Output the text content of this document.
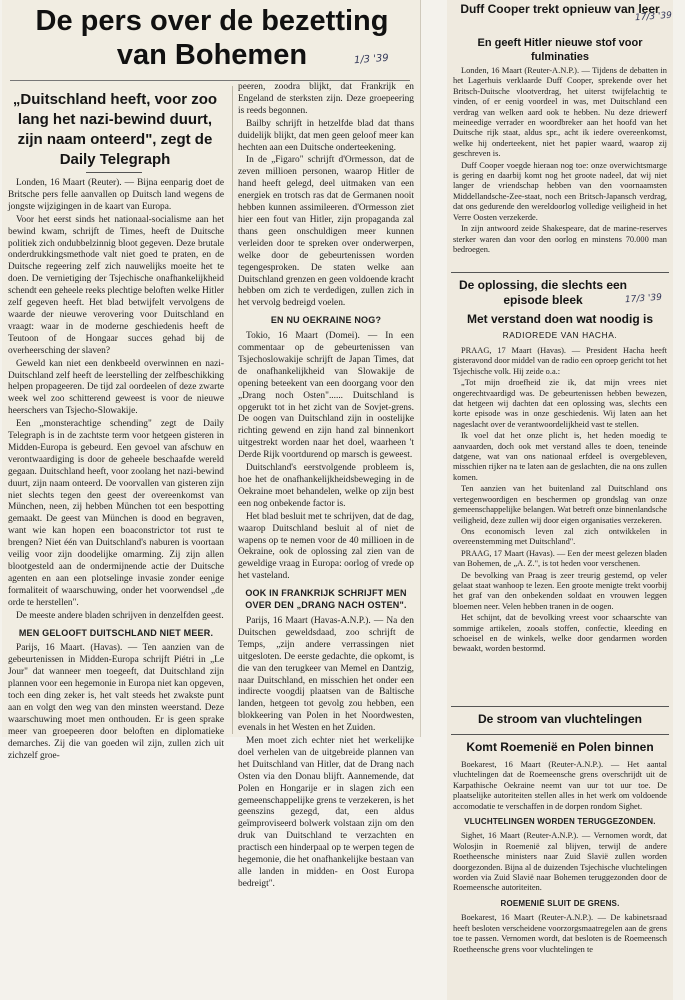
De pers over de bezetting van Bohemen	1/3 '39
„Duitschland heeft, voor zoo lang het nazi-bewind duurt, zijn naam onteerd", zegt de Daily Telegraph

Londen, 16 Maart (Reuter). — Bijna eenparig doet de Britsche pers felle aanvallen op Duitsch land wegens de jongste wijzigingen in de kaart van Europa.

Voor het eerst sinds het nationaal-socialisme aan het bewind kwam, schrijft de Times, heeft de Duitsche politiek zich ondubbelzinnig bloot gegeven. Deze brutale onderdrukkingsmethode valt niet goed te praten, en de Duitsche regeering zelf zich nauwelijks moeite het te doen. De vernietiging der Tsjechische onafhankelijkheid schendt een geheele reeks plechtige beloften welke Hitler zelf gegeven heeft. Het blad betwijfelt vervolgens de waarde der nieuwe verovering voor Duitschland en vraagt: waar in de moderne geschiedenis heeft de Teutoon of de Hongaar succes gehad bij de overheersching der slaven?

Geweld kan niet een denkbeeld overwinnen en nazi-Duitschland zelf heeft de leerstelling der zelfbeschikking helpen propageeren. De tijd zal oordeelen of deze zwarte week wel zoo schitterend geweest is voor de nieuwe heerschers van Tsjecho-Slowakije.

Een „monsterachtige schending" zegt de Daily Telegraph is in de zachtste term voor hetgeen gisteren in Midden-Europa is gebeurd. Een gevoel van afschuw en verontwaardiging is door de geheele beschaafde wereld gegaan. Duitschland heeft, voor zoolang het nazi-bewind duurt, zijn naam onteerd. De voorvallen van gisteren zijn niet slechts tegen den geest der overeenkomst van München, neen, zij hebben München tot een bespotting gemaakt. De geest van München is dood en begraven, want wie kan hopen een boaconstrictor tot rust te brengen? Niet één van Duitschland's naburen is voortaan veilig voor zijn doodelijke omarming. Zij zijn allen blootgesteld aan de ondermijnende actie der Duitsche agenten en aan een plotselinge invasie zonder eenige formaliteit of waarschuwing, onder het voorwendsel „de orde te herstellen".

De meeste andere bladen schrijven in denzelfden geest.

MEN GELOOFT DUITSCHLAND NIET MEER.

Parijs, 16 Maart. (Havas). — Ten aanzien van de gebeurtenissen in Midden-Europa schrijft Piétri in „Le Jour" dat wanneer men toegeeft, dat Duitschland zijn plannen voor een hegemonie in Europa niet kan opgeven, toch een ding zeker is, het valt steeds het zwakste punt aan en volgt den weg van den minsten weerstand. Deze waarschuwing moet men onthouden. Er is geen sprake meer van groepeeren door beloften en diplomatieke demarches. Zij die van goeden wil zijn, zullen zich uit zichzelf groe-

peeren, zoodra blijkt, dat Frankrijk en Engeland de sterksten zijn. Deze groepeering is reeds begonnen.

Bailby schrijft in hetzelfde blad dat thans duidelijk blijkt, dat men geen geloof meer kan hechten aan een Duitsche onderteekening.

In de „Figaro" schrijft d'Ormesson, dat de zeven millioen personen, waarop Hitler de hand heeft gelegd, deel uitmaken van een energiek en trotsch ras dat de Germanen nooit hebben kunnen assimileeren. d'Ormesson ziet hier een fout van Hitler, zijn propaganda zal thans geen onschuldigen meer kunnen verleiden door te spreken over onderwerpen, welke door de gebeurtenissen worden tegengesproken. De staten welke aan Duitschland grenzen en geen voldoende kracht hebben om zich te verdedigen, zullen zich in het vervolg bedreigd voelen.

EN NU OEKRAINE NOG?

Tokio, 16 Maart (Domei). — In een commentaar op de gebeurtenissen van Tsjechoslowakije schrijft de Japan Times, dat de onafhankelijkheid van Slowakije de opening beteekent van een doorgang voor den „Drang noch Osten"...... Duitschland is opgerukt tot in het zicht van de Sovjet-grens. De oogen van Duitschland zijn in oostelijke richting gewend en zijn hand zal binnenkort uitgestrekt worden naar het doel, waarheen 't Derde Rijk voortdurend op marsch is geweest.

Duitschland's eerstvolgende probleem is, hoe het de onafhankelijkheidsbeweging in de Oekraine moet behandelen, welke op zijn best een nog onbekende factor is.

Het blad besluit met te schrijven, dat de dag, waarop Duitschland besluit al of niet de wapens op te nemen voor de 40 millioen in de Oekraine, ook de oplossing zal zien van de geweldige vraag in Europa: oorlog of vrede op het vasteland.

OOK IN FRANKRIJK SCHRIJFT MEN OVER DEN „DRANG NACH OSTEN".

Parijs, 16 Maart (Havas-A.N.P.). — Na den Duitschen geweldsdaad, zoo schrijft de Temps, „zijn andere verrassingen niet uitgesloten. De eerste gedachte, die opkomt, is die van den terugkeer van Memel en Dantzig, naar Duitschland, en misschien het onder een indirecte voogdij plaatsen van de Baltische landen, hetgeen tot gevolg zou hebben, een blokkeering van Polen in het Noordwesten, evenals in het Westen en het Zuiden.

Men moet zich echter niet het werkelijke doel verhelen van de uitgebreide plannen van het Duitschland van Hitler, dat de Drang nach Osten via den Donau blijft. Aannemende, dat Polen en Hongarije er in slagen zich een gemeenschappelijke grens te verzekeren, is het geenszins gezegd, dat, een aldus geïmproviseerd bolwerk volstaan zijn om den druk van Duitschland te verzachten en practisch een hinderpaal op te werpen tegen de hegemonie, die het onafhankelijke bestaan van alle landen in midden- en Oost Europa bedreigt".

Duff Cooper trekt opnieuw van leer
17/3 '39
En geeft Hitler nieuwe stof voor fulminaties

Londen, 16 Maart (Reuter-A.N.P.). — Tijdens de debatten in het Lagerhuis verklaarde Duff Cooper, sprekende over het Britsch-Duitsche vlootverdrag, het uiterst twijfelachtig te vinden, of er eenig voordeel in was, met Duitschland een verdrag van welken aard ook te hebben. Nu deze driewerf meineedige verrader en woordbreker aan het hoofd van het Duitsche rijk staat, aldus spr., acht ik iedere overeenkomst, welke hij onderteekent, niet het papier waard, waarop zij geschreven is.

Duff Cooper voegde hieraan nog toe: onze overwichtsmarge is gering en daarbij komt nog het groote nadeel, dat wij niet langer de vriendschap hebben van den voornaamsten Middellandsche-Zee-staat, noch een Britsch-Japansch verdrag, dat ons gedurende den wereldoorlog volledige veiligheid in het Verre Oosten verzekerde.

In zijn antwoord zeide Shakespeare, dat de marine-reserves sterker waren dan voor den oorlog en minstens 70.000 man bedroegen.

De oplossing, die slechts een episode bleek	17/3 '39
Met verstand doen wat noodig is
RADIOREDE VAN HACHA.

PRAAG, 17 Maart (Havas). — President Hacha heeft gisteravond door middel van de radio een oproep gericht tot het Tsjechische volk. Hij zeide o.a.:

„Tot mijn droefheid zie ik, dat mijn vrees niet ongerechtvaardigd was. De gebeurtenissen hebben bewezen, dat hetgeen wij dachten dat een oplossing was, slechts een korte episode was in onze geschiedenis. Wij laten aan het nageslacht over de verantwoordelijkheid vast te stellen.

Ik voel dat het onze plicht is, het heden moedig te aanvaarden, doch ook met verstand alles te doen, teneinde datgene, wat van ons nationaal erfdeel is overgebleven, misschien rijker na te laten aan de geslachten, die na ons zullen komen.

Ten aanzien van het buitenland zal Duitschland ons vertegenwoordigen en beschermen op grondslag van onze gemeenschappelijke belangen. Wat betreft onze binnenlandsche veiligheid, deze zullen wij door eigen organisaties verzekeren.

Ons economisch leven zal zich ontwikkelen in overeenstemming met Duitschland".

PRAAG, 17 Maart (Havas). — Een der meest gelezen bladen van Bohemen, de „A. Z.", is tot heden voor verschenen.

De bevolking van Praag is zeer treurig gestemd, op veler gelaat staat wanhoop te lezen. Een groote menigte trekt voorbij het graf van den onbekenden soldaat en vrouwen leggen bloemen neer. Velen hebben tranen in de oogen.

Het schijnt, dat de bevolking vreest voor schaarschte van sommige artikelen, zooals stoffen, confectie, kleeding en schoeisel en de winkels, welke door gendarmen worden bewaakt, worden bestormd.

De stroom van vluchtelingen
Komt Roemenië en Polen binnen

Boekarest, 16 Maart (Reuter-A.N.P.). — Het aantal vluchtelingen dat de Roemeensche grens overschrijdt uit de Karpathische Oekraine neemt van uur tot uur toe. De plaatselijke autoriteiten stellen alles in het werk om voldoende accomodatie te verschaffen in de dorpen rondom Sighet.

VLUCHTELINGEN WORDEN TERUGGEZONDEN.

Sighet, 16 Maart (Reuter-A.N.P.). — Vernomen wordt, dat Wolosjin in Roemenië zal blijven, terwijl de andere Roetheensche ministers naar Zuid Slavië zullen worden doorgezonden. Bijna al de duizenden Tsjechische vluchtelingen worden via Zuid Slavië naar Bohemen teruggezonden door de Roemeensche autoriteiten.

ROEMENIË SLUIT DE GRENS.

Boekarest, 16 Maart (Reuter-A.N.P.). — De kabinetsraad heeft besloten verscheidene voorzorgsmaatregelen aan de grens toe te passen. Vernomen wordt, dat besloten is de Roemeensch Roetheensche grens voor vluchtelingen te
